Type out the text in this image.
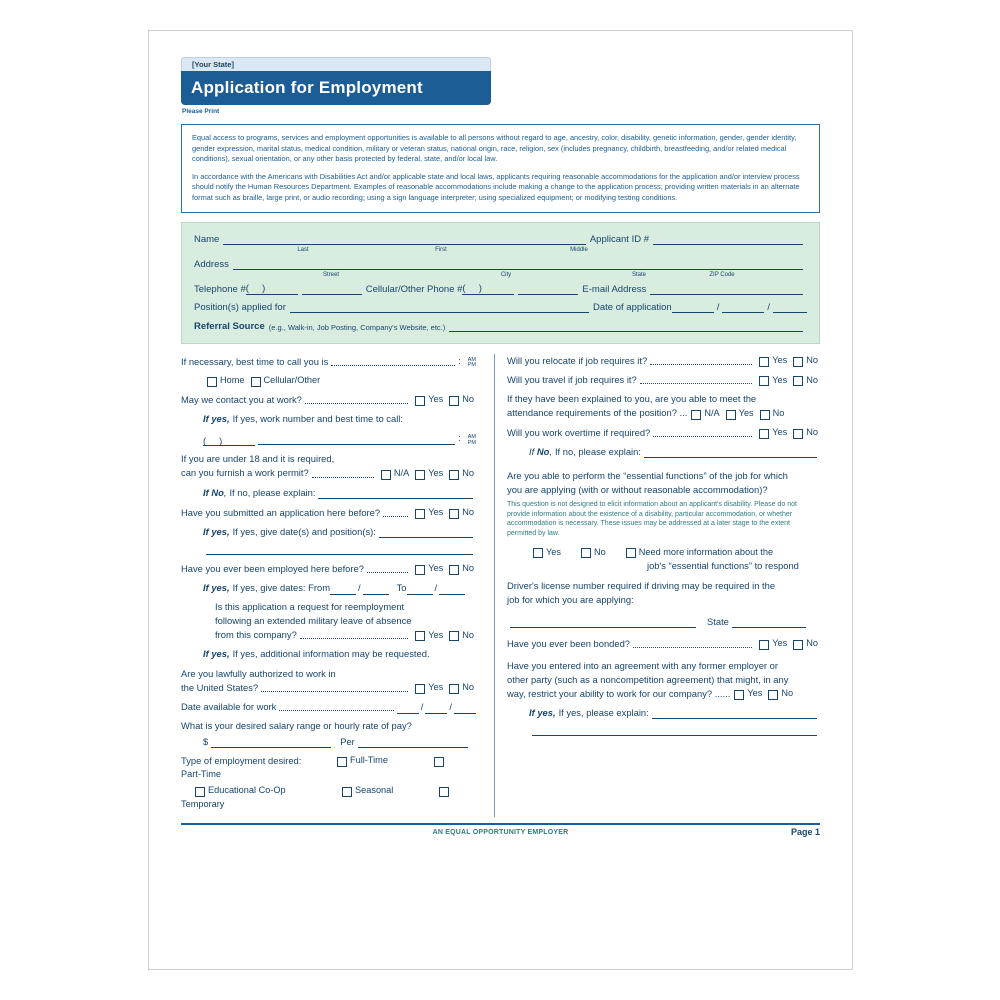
[Your State]
Application for Employment
Please Print

Equal access to programs, services and employment opportunities is available to all persons without regard to age, ancestry, color, disability, genetic information, gender, gender identity, gender expression, marital status, medical condition, military or veteran status, national origin, race, religion, sex (includes pregnancy, childbirth, breastfeeding, and/or related medical conditions), sexual orientation, or any other basis protected by federal, state, and/or local law.

In accordance with the Americans with Disabilities Act and/or applicable state and local laws, applicants requiring reasonable accommodations for the application and/or interview process should notify the Human Resources Department. Examples of reasonable accommodations include making a change to the application process; providing written materials in an alternate format such as braille, large print, or audio recording; using a sign language interpreter; using specialized equipment; or modifying testing conditions.

Name	Applicant ID #
Last	First	Middle
Address
Street	City	State	ZIP Code
Telephone # (     )	Cellular/Other Phone # (     )	E-mail Address
Position(s) applied for	Date of application	/	/
Referral Source (e.g., Walk-in, Job Posting, Company's Website, etc.)
If necessary, best time to call you is	: AM
PM
Home Cellular/Other
May we contact you at work?	Yes No
If yes, If yes, work number and best time to call:
(     )	: AM
PM
If you are under 18 and it is required,
can you furnish a work permit?	N/A Yes No
If No, If no, please explain:
Have you submitted an application here before?	Yes No
If yes, If yes, give date(s) and position(s):
Have you ever been employed here before?	Yes No
If yes, If yes, give dates: From	/	To	/
Is this application a request for reemployment
following an extended military leave of absence
from this company?	Yes No
If yes, If yes, additional information may be requested.
Are you lawfully authorized to work in
the United States?	Yes No
Date available for work	/	/
What is your desired salary range or hourly rate of pay?
$	Per
Type of employment desired:	Full-Time
Part-Time
Educational Co-Op	Seasonal
Temporary
Will you relocate if job requires it?	Yes No
Will you travel if job requires it?	Yes No
If they have been explained to you, are you able to meet the
attendance requirements of the position? ... N/A Yes No
Will you work overtime if required?	Yes No
If No, If no, please explain:
Are you able to perform the “essential functions” of the job for which
you are applying (with or without reasonable accommodation)?
This question is not designed to elicit information about an applicant's disability. Please do not provide information about the existence of a disability, particular accommodation, or whether accommodation is necessary. These issues may be addressed at a later stage to the extent permitted by law.
Yes	No	Need more information about the
job's “essential functions” to respond
Driver's license number required if driving may be required in the
job for which you are applying:
State
Have you ever been bonded?	Yes No
Have you entered into an agreement with any former employer or
other party (such as a noncompetition agreement) that might, in any
way, restrict your ability to work for our company? ...... Yes No
If yes, If yes, please explain:
AN EQUAL OPPORTUNITY EMPLOYER	Page 1
